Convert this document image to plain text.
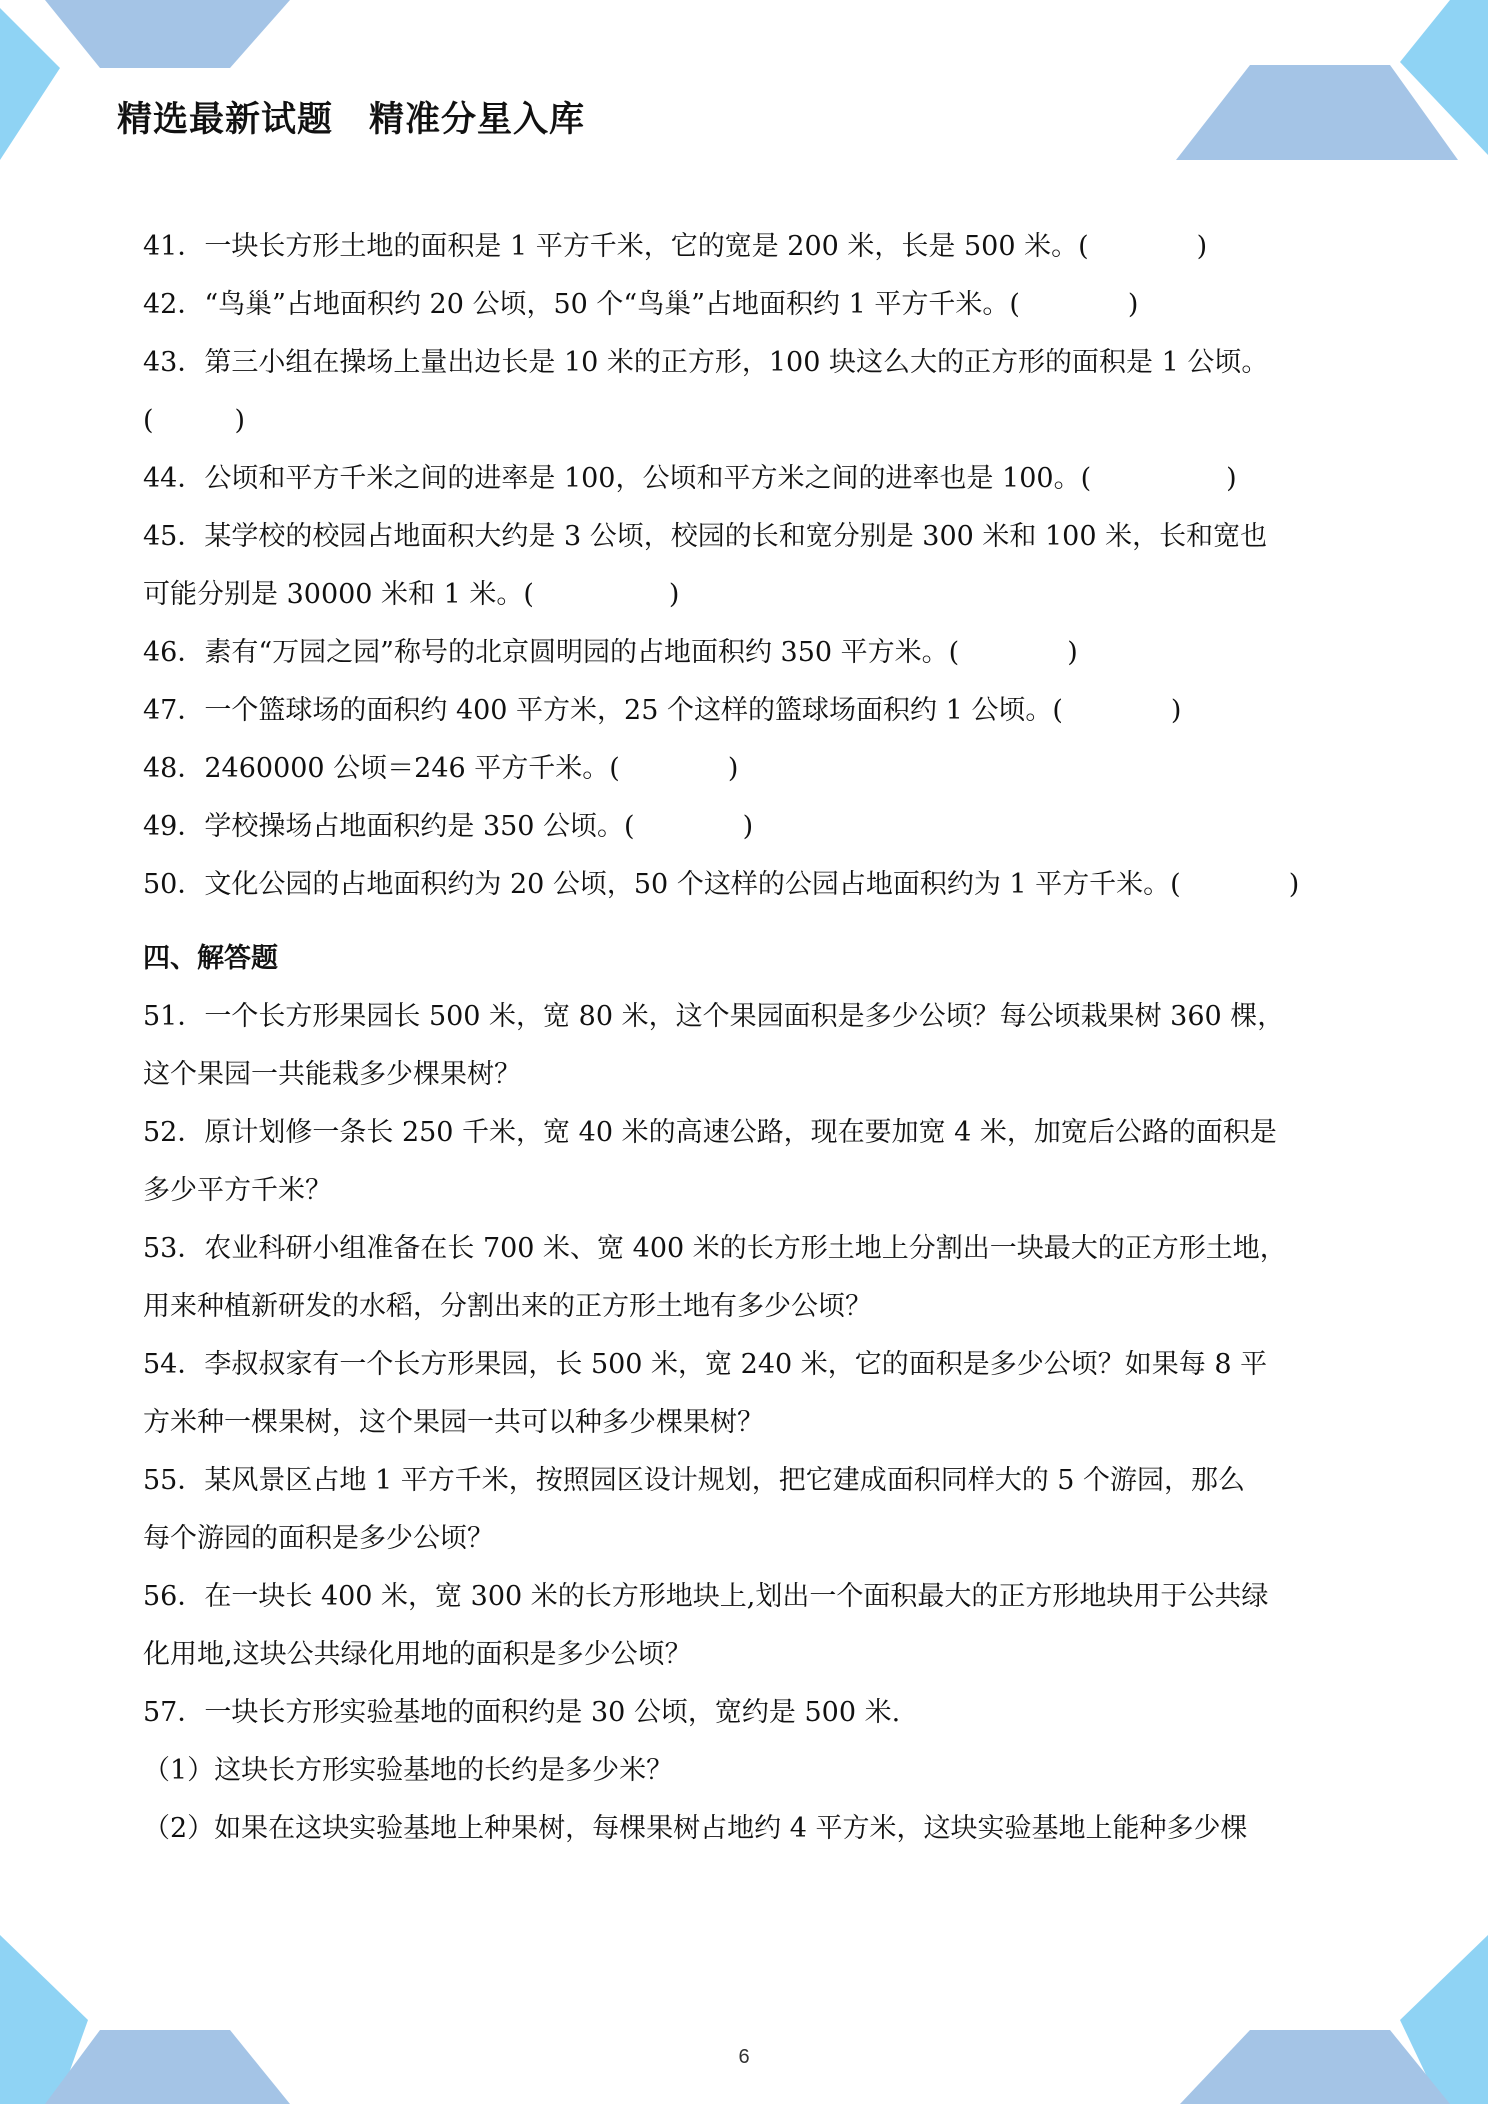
精选最新试题　精准分星入库
41．一块长方形土地的面积是 1 平方千米，它的宽是 200 米，长是 500 米。(　　　　)
42．“鸟巢”占地面积约 20 公顷，50 个“鸟巢”占地面积约 1 平方千米。(　　　　)
43．第三小组在操场上量出边长是 10 米的正方形，100 块这么大的正方形的面积是 1 公顷。
(　　　)
44．公顷和平方千米之间的进率是 100，公顷和平方米之间的进率也是 100。(　　　　　)
45．某学校的校园占地面积大约是 3 公顷，校园的长和宽分别是 300 米和 100 米，长和宽也
可能分别是 30000 米和 1 米。(　　　　　)
46．素有“万园之园”称号的北京圆明园的占地面积约 350 平方米。(　　　　)
47．一个篮球场的面积约 400 平方米，25 个这样的篮球场面积约 1 公顷。(　　　　)
48．2460000 公顷＝246 平方千米。(　　　　)
49．学校操场占地面积约是 350 公顷。(　　　　)
50．文化公园的占地面积约为 20 公顷，50 个这样的公园占地面积约为 1 平方千米。(　　　　)
四、解答题
51．一个长方形果园长 500 米，宽 80 米，这个果园面积是多少公顷？每公顷栽果树 360 棵，
这个果园一共能栽多少棵果树？
52．原计划修一条长 250 千米，宽 40 米的高速公路，现在要加宽 4 米，加宽后公路的面积是
多少平方千米？
53．农业科研小组准备在长 700 米、宽 400 米的长方形土地上分割出一块最大的正方形土地，
用来种植新研发的水稻，分割出来的正方形土地有多少公顷？
54．李叔叔家有一个长方形果园，长 500 米，宽 240 米，它的面积是多少公顷？如果每 8 平
方米种一棵果树，这个果园一共可以种多少棵果树？
55．某风景区占地 1 平方千米，按照园区设计规划，把它建成面积同样大的 5 个游园，那么
每个游园的面积是多少公顷？
56．在一块长 400 米，宽 300 米的长方形地块上,划出一个面积最大的正方形地块用于公共绿
化用地,这块公共绿化用地的面积是多少公顷？
57．一块长方形实验基地的面积约是 30 公顷，宽约是 500 米.
（1）这块长方形实验基地的长约是多少米？
（2）如果在这块实验基地上种果树，每棵果树占地约 4 平方米，这块实验基地上能种多少棵
6
